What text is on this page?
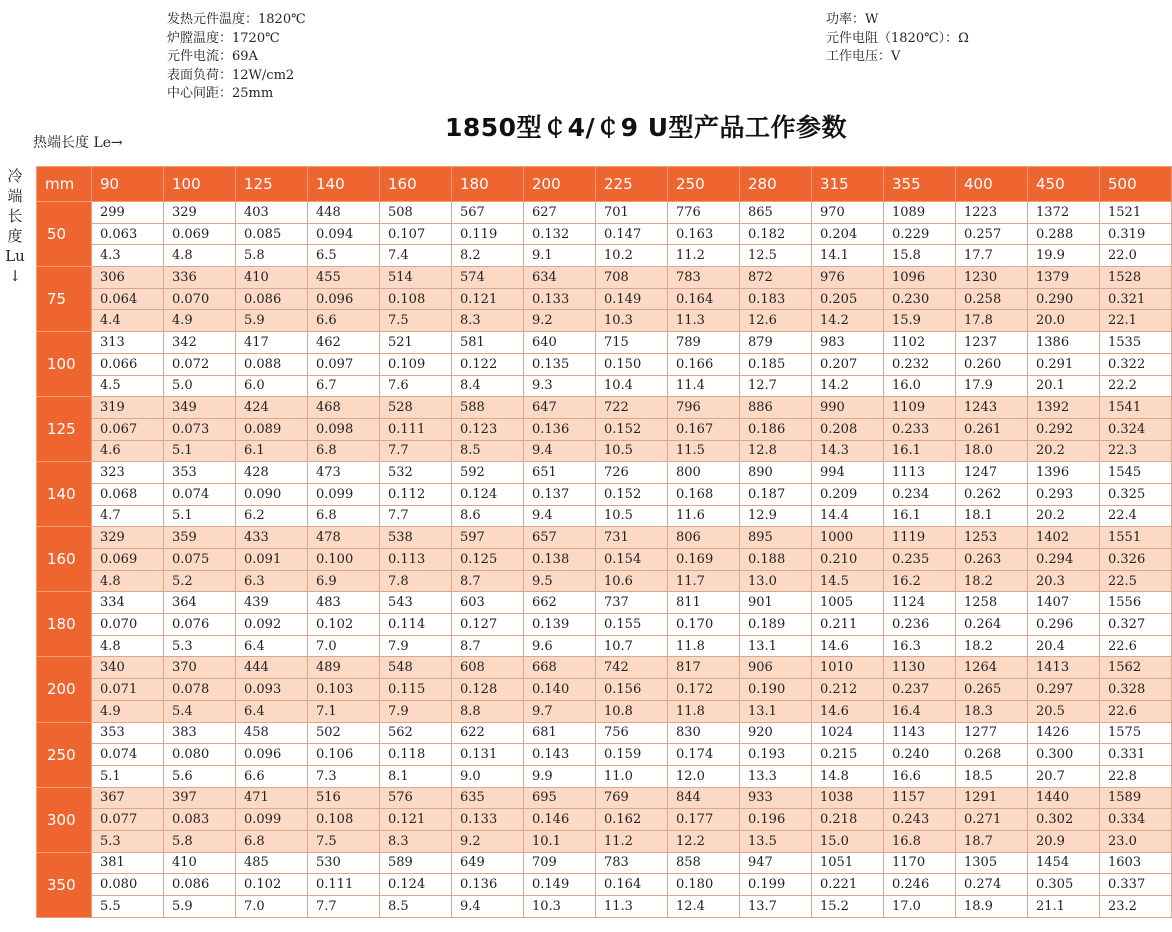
发热元件温度：1820℃
炉膛温度：1720℃
元件电流：69A
表面负荷：12W/cm2
中心间距：25mm
功率：W
元件电阻（1820℃）：Ω
工作电压：V
1850型￠4/￠9 U型产品工作参数
热端长度 Le→
冷
端
长
度
Lu
↓
mm	90	100	125	140	160	180	200	225	250	280	315	355	400	450	500
50	299	329	403	448	508	567	627	701	776	865	970	1089	1223	1372	1521
	0.063	0.069	0.085	0.094	0.107	0.119	0.132	0.147	0.163	0.182	0.204	0.229	0.257	0.288	0.319
	4.3	4.8	5.8	6.5	7.4	8.2	9.1	10.2	11.2	12.5	14.1	15.8	17.7	19.9	22.0
75	306	336	410	455	514	574	634	708	783	872	976	1096	1230	1379	1528
	0.064	0.070	0.086	0.096	0.108	0.121	0.133	0.149	0.164	0.183	0.205	0.230	0.258	0.290	0.321
	4.4	4.9	5.9	6.6	7.5	8.3	9.2	10.3	11.3	12.6	14.2	15.9	17.8	20.0	22.1
100	313	342	417	462	521	581	640	715	789	879	983	1102	1237	1386	1535
	0.066	0.072	0.088	0.097	0.109	0.122	0.135	0.150	0.166	0.185	0.207	0.232	0.260	0.291	0.322
	4.5	5.0	6.0	6.7	7.6	8.4	9.3	10.4	11.4	12.7	14.2	16.0	17.9	20.1	22.2
125	319	349	424	468	528	588	647	722	796	886	990	1109	1243	1392	1541
	0.067	0.073	0.089	0.098	0.111	0.123	0.136	0.152	0.167	0.186	0.208	0.233	0.261	0.292	0.324
	4.6	5.1	6.1	6.8	7.7	8.5	9.4	10.5	11.5	12.8	14.3	16.1	18.0	20.2	22.3
140	323	353	428	473	532	592	651	726	800	890	994	1113	1247	1396	1545
	0.068	0.074	0.090	0.099	0.112	0.124	0.137	0.152	0.168	0.187	0.209	0.234	0.262	0.293	0.325
	4.7	5.1	6.2	6.8	7.7	8.6	9.4	10.5	11.6	12.9	14.4	16.1	18.1	20.2	22.4
160	329	359	433	478	538	597	657	731	806	895	1000	1119	1253	1402	1551
	0.069	0.075	0.091	0.100	0.113	0.125	0.138	0.154	0.169	0.188	0.210	0.235	0.263	0.294	0.326
	4.8	5.2	6.3	6.9	7.8	8.7	9.5	10.6	11.7	13.0	14.5	16.2	18.2	20.3	22.5
180	334	364	439	483	543	603	662	737	811	901	1005	1124	1258	1407	1556
	0.070	0.076	0.092	0.102	0.114	0.127	0.139	0.155	0.170	0.189	0.211	0.236	0.264	0.296	0.327
	4.8	5.3	6.4	7.0	7.9	8.7	9.6	10.7	11.8	13.1	14.6	16.3	18.2	20.4	22.6
200	340	370	444	489	548	608	668	742	817	906	1010	1130	1264	1413	1562
	0.071	0.078	0.093	0.103	0.115	0.128	0.140	0.156	0.172	0.190	0.212	0.237	0.265	0.297	0.328
	4.9	5.4	6.4	7.1	7.9	8.8	9.7	10.8	11.8	13.1	14.6	16.4	18.3	20.5	22.6
250	353	383	458	502	562	622	681	756	830	920	1024	1143	1277	1426	1575
	0.074	0.080	0.096	0.106	0.118	0.131	0.143	0.159	0.174	0.193	0.215	0.240	0.268	0.300	0.331
	5.1	5.6	6.6	7.3	8.1	9.0	9.9	11.0	12.0	13.3	14.8	16.6	18.5	20.7	22.8
300	367	397	471	516	576	635	695	769	844	933	1038	1157	1291	1440	1589
	0.077	0.083	0.099	0.108	0.121	0.133	0.146	0.162	0.177	0.196	0.218	0.243	0.271	0.302	0.334
	5.3	5.8	6.8	7.5	8.3	9.2	10.1	11.2	12.2	13.5	15.0	16.8	18.7	20.9	23.0
350	381	410	485	530	589	649	709	783	858	947	1051	1170	1305	1454	1603
	0.080	0.086	0.102	0.111	0.124	0.136	0.149	0.164	0.180	0.199	0.221	0.246	0.274	0.305	0.337
	5.5	5.9	7.0	7.7	8.5	9.4	10.3	11.3	12.4	13.7	15.2	17.0	18.9	21.1	23.2
